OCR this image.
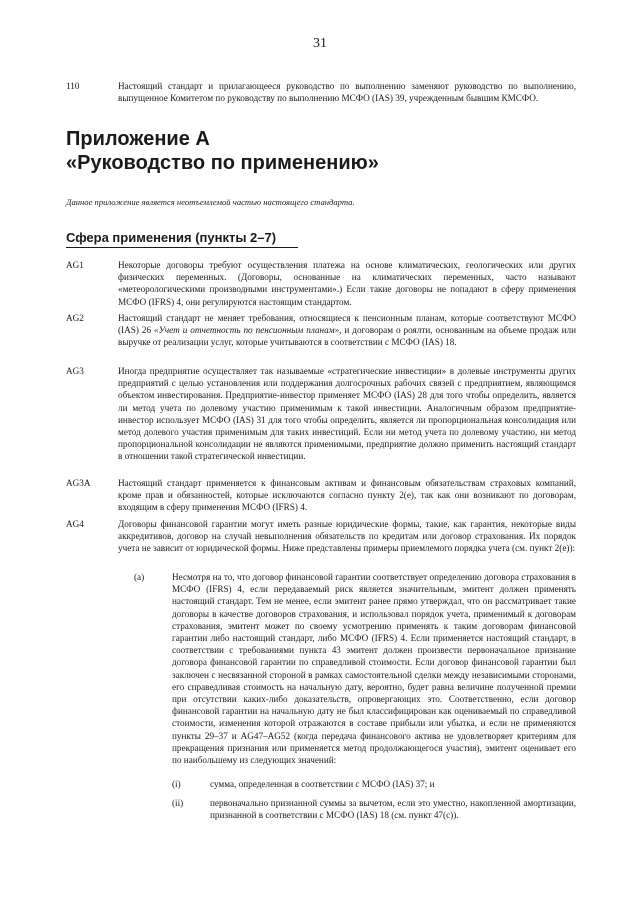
31
110	Настоящий стандарт и прилагающееся руководство по выполнению заменяют руководство по выполнению, выпущенное Комитетом по руководству по выполнению МСФО (IAS) 39, учрежденным бывшим КМСФО.
Приложение А
«Руководство по применению»
Данное приложение является неотъемлемой частью настоящего стандарта.
Сфера применения (пункты 2–7)
AG1	Некоторые договоры требуют осуществления платежа на основе климатических, геологических или других физических переменных. (Договоры, основанные на климатических переменных, часто называют «метеорологическими производными инструментами».) Если такие договоры не попадают в сферу применения МСФО (IFRS) 4, они регулируются настоящим стандартом.
AG2	Настоящий стандарт не меняет требования, относящиеся к пенсионным планам, которые соответствуют МСФО (IAS) 26 «Учет и отчетность по пенсионным планам», и договорам о роялти, основанным на объеме продаж или выручке от реализации услуг, которые учитываются в соответствии с МСФО (IAS) 18.
AG3	Иногда предприятие осуществляет так называемые «стратегические инвестиции» в долевые инструменты других предприятий с целью установления или поддержания долгосрочных рабочих связей с предприятием, являющимся объектом инвестирования. Предприятие-инвестор применяет МСФО (IAS) 28 для того чтобы определить, является ли метод учета по долевому участию применимым к такой инвестиции. Аналогичным образом предприятие-инвестор использует МСФО (IAS) 31 для того чтобы определить, является ли пропорциональная консолидация или метод долевого участия применимым для таких инвестиций. Если ни метод учета по долевому участию, ни метод пропорциональной консолидации не являются применимыми, предприятие должно применить настоящий стандарт в отношении такой стратегической инвестиции.
AG3A	Настоящий стандарт применяется к финансовым активам и финансовым обязательствам страховых компаний, кроме прав и обязанностей, которые исключаются согласно пункту 2(е), так как они возникают по договорам, входящим в сферу применения МСФО (IFRS) 4.
AG4	Договоры финансовой гарантии могут иметь разные юридические формы, такие, как гарантия, некоторые виды аккредитивов, договор на случай невыполнения обязательств по кредитам или договор страхования. Их порядок учета не зависит от юридической формы. Ниже представлены примеры приемлемого порядка учета (см. пункт 2(е)):
(a)	Несмотря на то, что договор финансовой гарантии соответствует определению договора страхования в МСФО (IFRS) 4, если передаваемый риск является значительным, эмитент должен применять настоящий стандарт. Тем не менее, если эмитент ранее прямо утверждал, что он рассматривает такие договоры в качестве договоров страхования, и использовал порядок учета, применимый к договорам страхования, эмитент может по своему усмотрению применять к таким договорам финансовой гарантии либо настоящий стандарт, либо МСФО (IFRS) 4. Если применяется настоящий стандарт, в соответствии с требованиями пункта 43 эмитент должен произвести первоначальное признание договора финансовой гарантии по справедливой стоимости. Если договор финансовой гарантии был заключен с несвязанной стороной в рамках самостоятельной сделки между независимыми сторонами, его справедливая стоимость на начальную дату, вероятно, будет равна величине полученной премии при отсутствии каких-либо доказательств, опровергающих это. Соответственно, если договор финансовой гарантии на начальную дату не был классифицирован как оцениваемый по справедливой стоимости, изменения которой отражаются в составе прибыли или убытка, и если не применяются пункты 29–37 и AG47–AG52 (когда передача финансового актива не удовлетворяет критериям для прекращения признания или применяется метод продолжающегося участия), эмитент оценивает его по наибольшему из следующих значений:
(i)	сумма, определенная в соответствии с МСФО (IAS) 37; и
(ii)	первоначально признанной суммы за вычетом, если это уместно, накопленной амортизации, признанной в соответствии с МСФО (IAS) 18 (см. пункт 47(с)).
